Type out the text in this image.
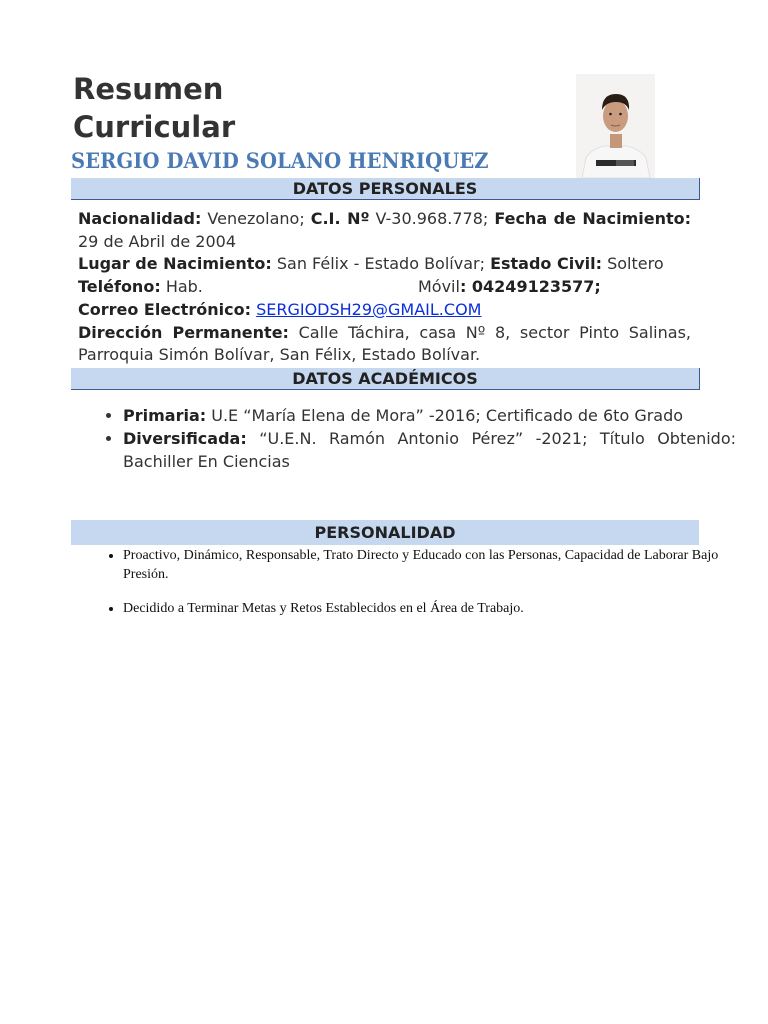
Resumen Curricular
SERGIO DAVID SOLANO HENRIQUEZ
DATOS PERSONALES

Nacionalidad: Venezolano; C.I. Nº V-30.968.778; Fecha de Nacimiento: 29 de Abril de 2004

Lugar de Nacimiento: San Félix - Estado Bolívar; Estado Civil: Soltero

Teléfono: Hab.	Móvil: 04249123577;

Correo Electrónico: SERGIODSH29@GMAIL.COM

Dirección Permanente: Calle Táchira, casa Nº 8, sector Pinto Salinas, Parroquia Simón Bolívar, San Félix, Estado Bolívar.

DATOS ACADÉMICOS
• Primaria: U.E “María Elena de Mora” -2016; Certificado de 6to Grado
• Diversificada: “U.E.N. Ramón Antonio Pérez” -2021; Título Obtenido: Bachiller En Ciencias
PERSONALIDAD
• Proactivo, Dinámico, Responsable, Trato Directo y Educado con las Personas, Capacidad de Laborar Bajo Presión.
• Decidido a Terminar Metas y Retos Establecidos en el Área de Trabajo.
